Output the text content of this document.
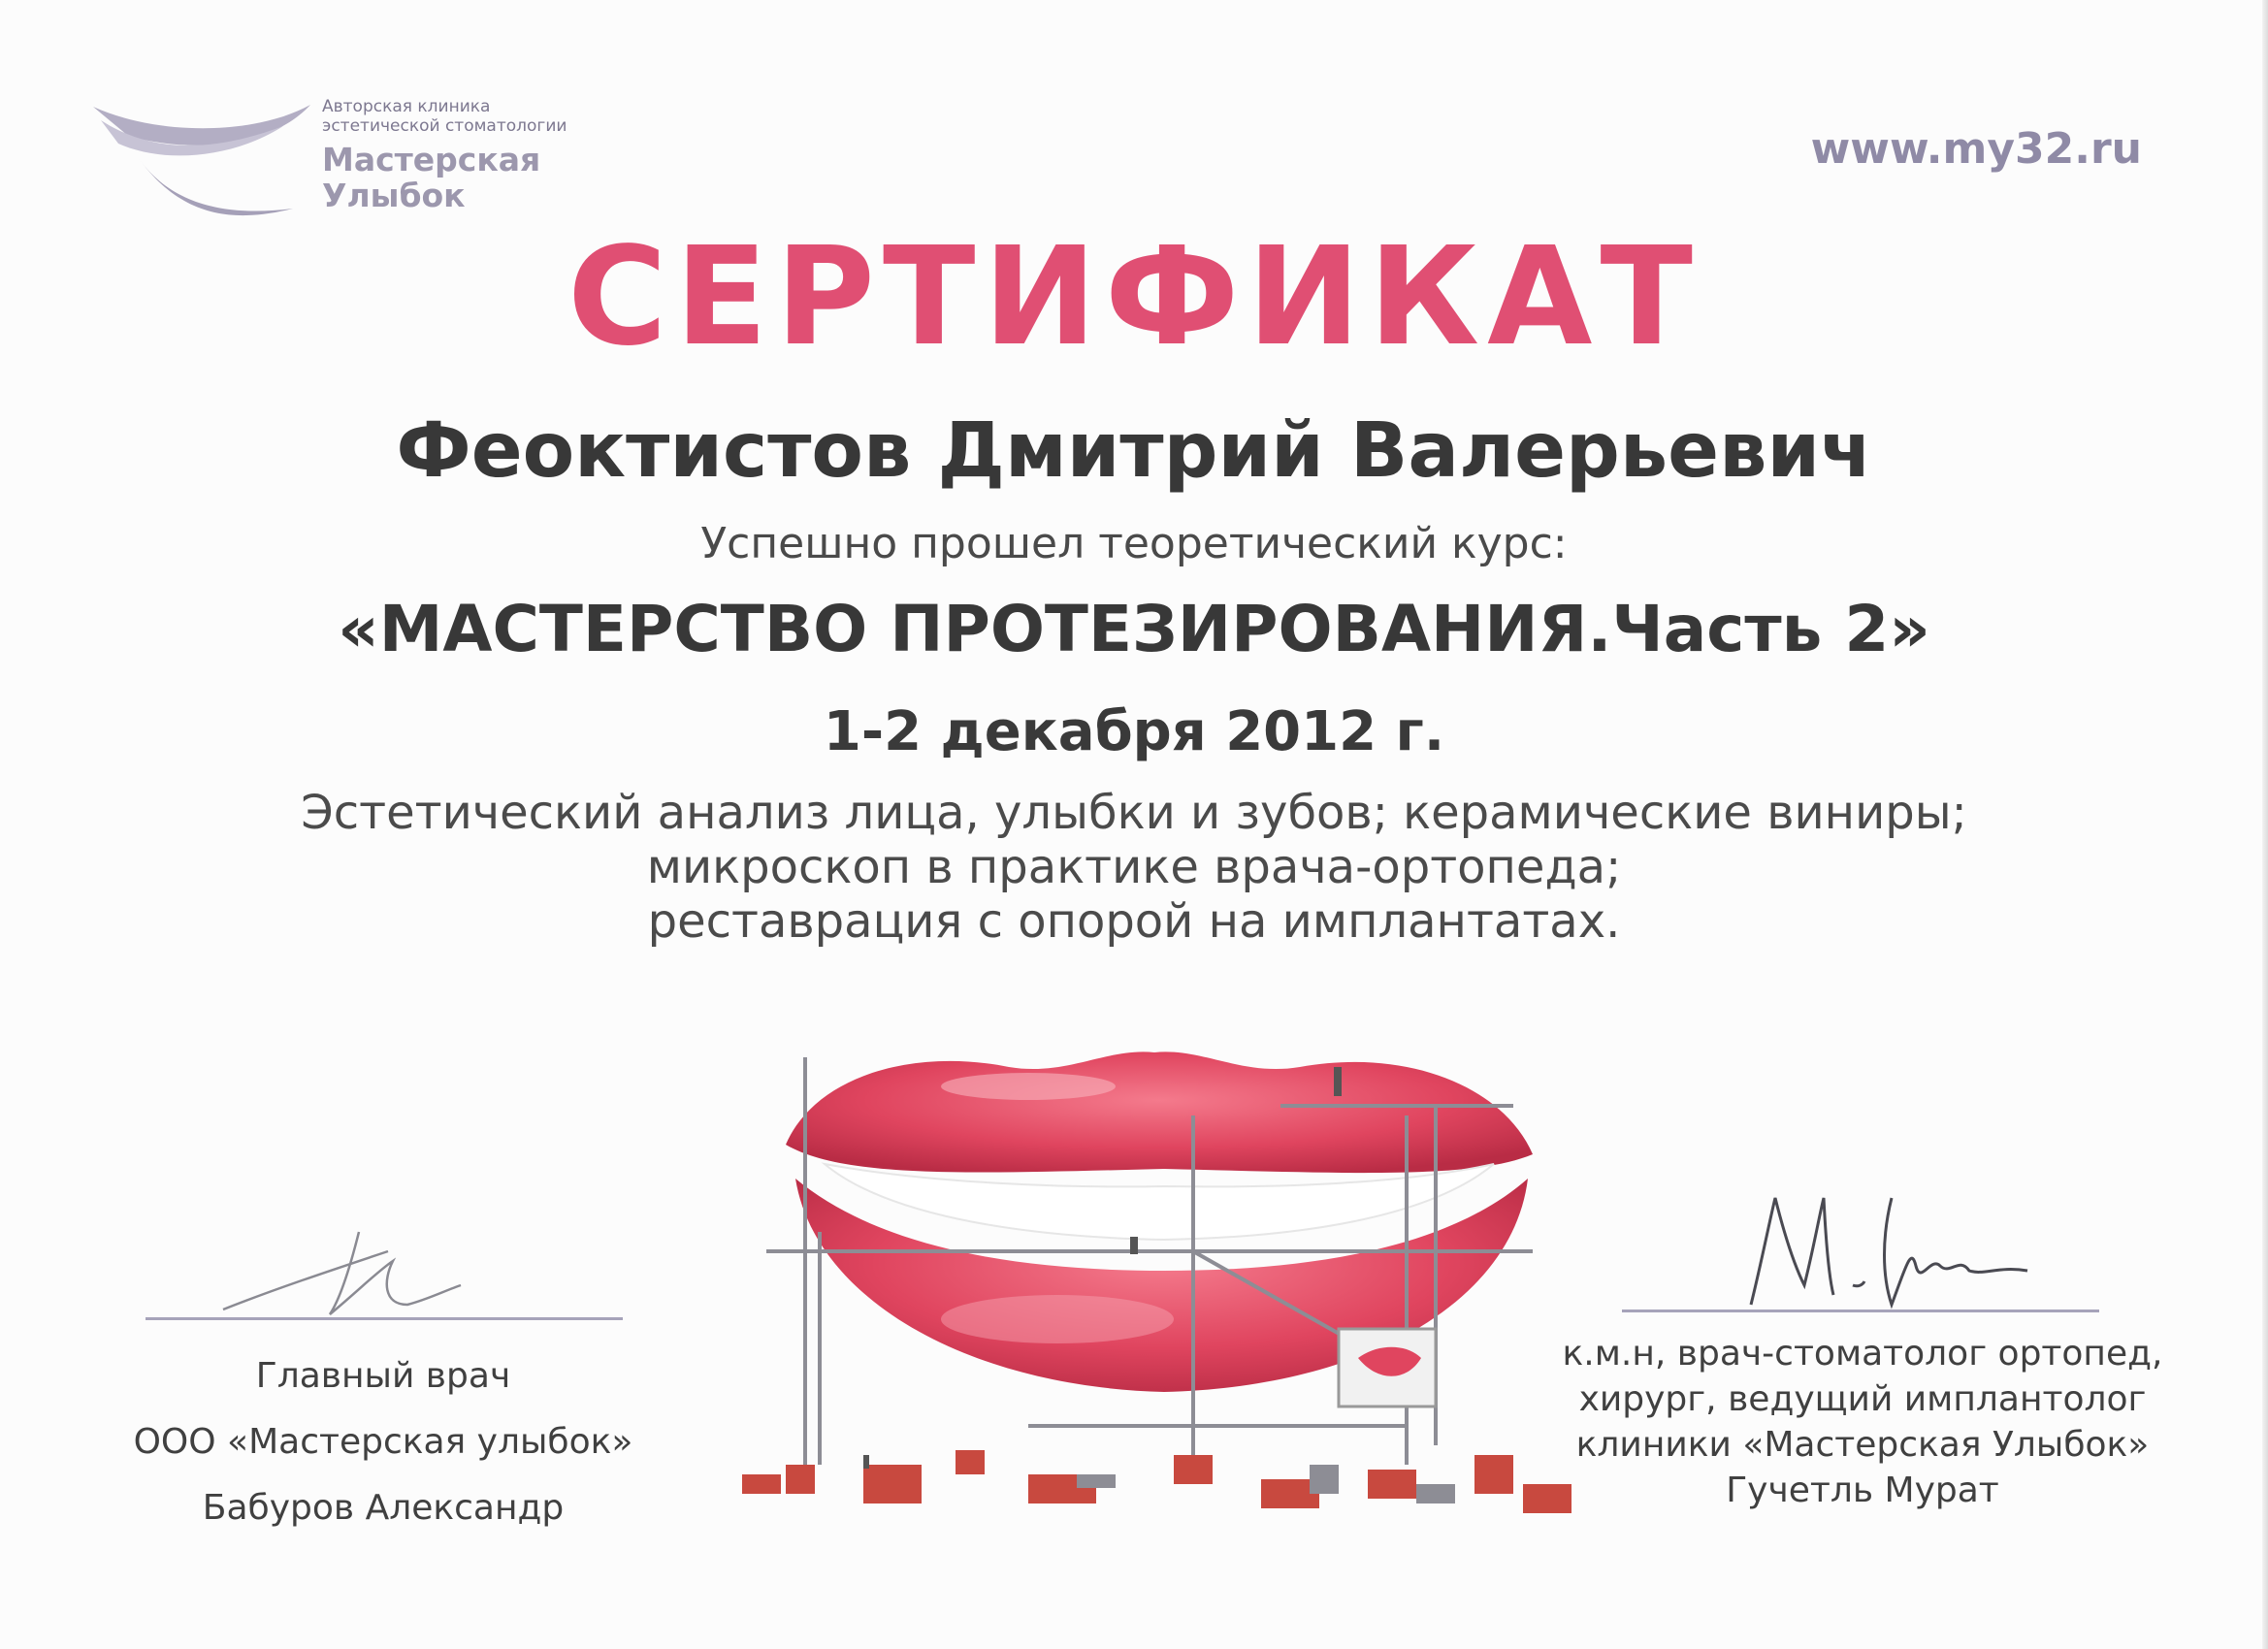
Авторская клиника
эстетической стоматологии
Мастерская
Улыбок
www.my32.ru
СЕРТИФИКАТ
Феоктистов Дмитрий Валерьевич
Успешно прошел теоретический курс:
«МАСТЕРСТВО ПРОТЕЗИРОВАНИЯ.Часть 2»
1-2 декабря 2012 г.
Эстетический анализ лица, улыбки и зубов; керамические виниры;
микроскоп в практике врача-ортопеда;
реставрация с опорой на имплантатах.
Главный врач
ООО «Мастерская улыбок»
Бабуров Александр
к.м.н, врач-стоматолог ортопед,
хирург, ведущий имплантолог
клиники «Мастерская Улыбок»
Гучетль Мурат
